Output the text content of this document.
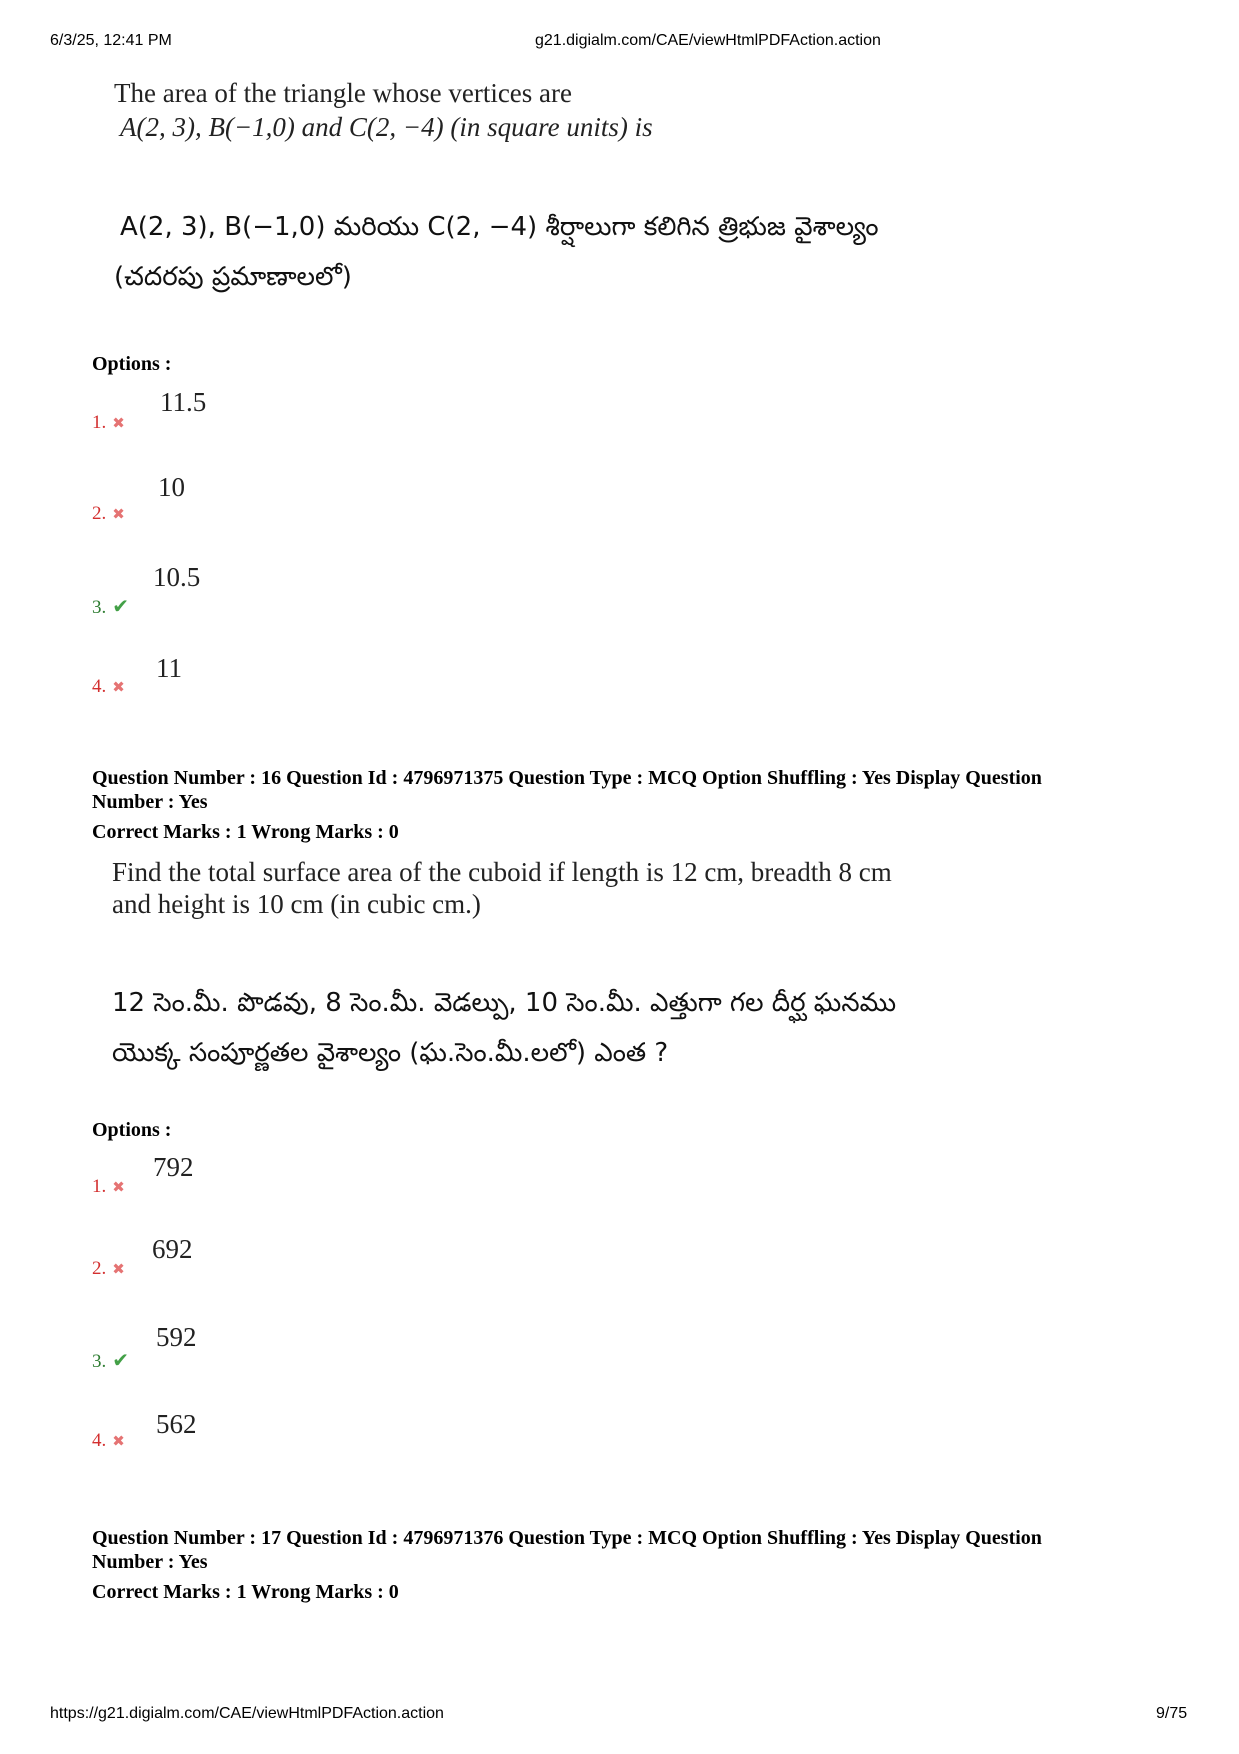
6/3/25, 12:41 PM	g21.digialm.com/CAE/viewHtmlPDFAction.action
The area of the triangle whose vertices are
A(2, 3), B(−1,0) and C(2, −4) (in square units) is
A(2, 3), B(−1,0) మరియు C(2, −4) శీర్షాలుగా కలిగిన త్రిభుజ వైశాల్యం
(చదరపు ప్రమాణాలలో)
Options :
1. ✖
11.5
2. ✖
10
3. ✔
10.5
4. ✖
11
Question Number : 16 Question Id : 4796971375 Question Type : MCQ Option Shuffling : Yes Display Question
Number : Yes
Correct Marks : 1 Wrong Marks : 0
Find the total surface area of the cuboid if length is 12 cm, breadth 8 cm
and height is 10 cm (in cubic cm.)
12 సెం.మీ. పొడవు, 8 సెం.మీ. వెడల్పు, 10 సెం.మీ. ఎత్తుగా గల దీర్ఘ ఘనము
యొక్క సంపూర్ణతల వైశాల్యం (ఘ.సెం.మీ.లలో) ఎంత ?
Options :
1. ✖
792
2. ✖
692
3. ✔
592
4. ✖
562
Question Number : 17 Question Id : 4796971376 Question Type : MCQ Option Shuffling : Yes Display Question
Number : Yes
Correct Marks : 1 Wrong Marks : 0
https://g21.digialm.com/CAE/viewHtmlPDFAction.action	9/75
